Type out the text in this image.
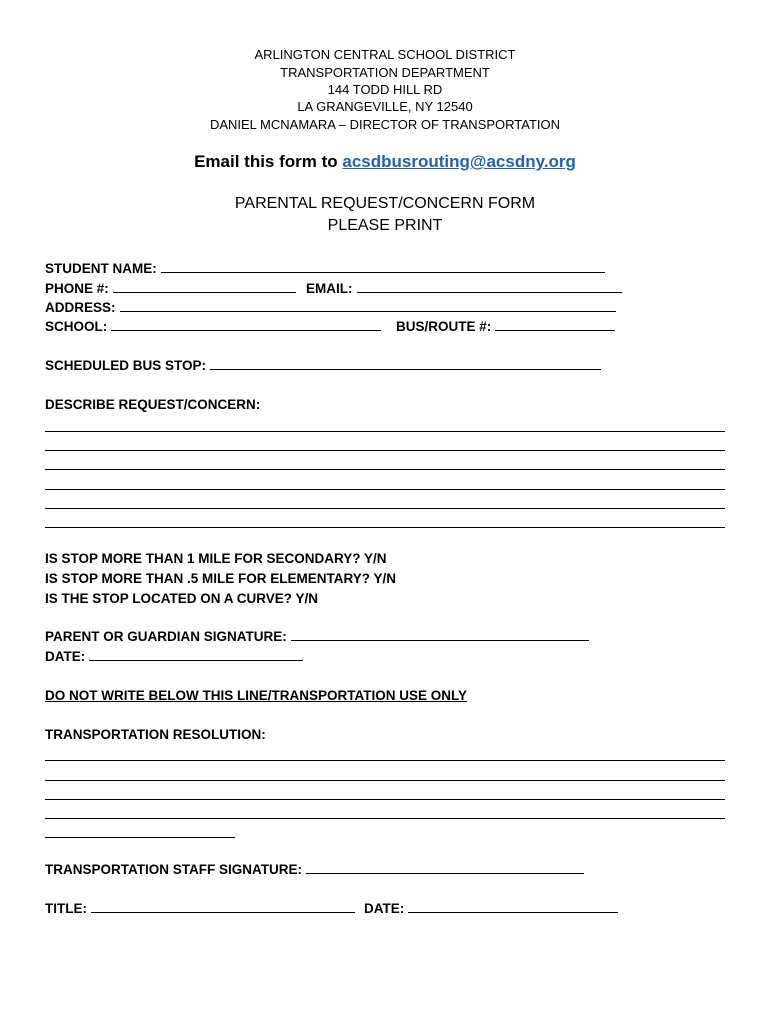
ARLINGTON CENTRAL SCHOOL DISTRICT
TRANSPORTATION DEPARTMENT
144 TODD HILL RD
LA GRANGEVILLE, NY 12540
DANIEL MCNAMARA – DIRECTOR OF TRANSPORTATION
Email this form to acsdbusrouting@acsdny.org
PARENTAL REQUEST/CONCERN FORM
PLEASE PRINT
STUDENT NAME:
PHONE #:	EMAIL:
ADDRESS:
SCHOOL:	BUS/ROUTE #:
SCHEDULED BUS STOP:
DESCRIBE REQUEST/CONCERN:
IS STOP MORE THAN 1 MILE FOR SECONDARY? Y/N
IS STOP MORE THAN .5 MILE FOR ELEMENTARY? Y/N
IS THE STOP LOCATED ON A CURVE? Y/N
PARENT OR GUARDIAN SIGNATURE:
DATE:
DO NOT WRITE BELOW THIS LINE/TRANSPORTATION USE ONLY
TRANSPORTATION RESOLUTION:
TRANSPORTATION STAFF SIGNATURE:
TITLE:	DATE:
